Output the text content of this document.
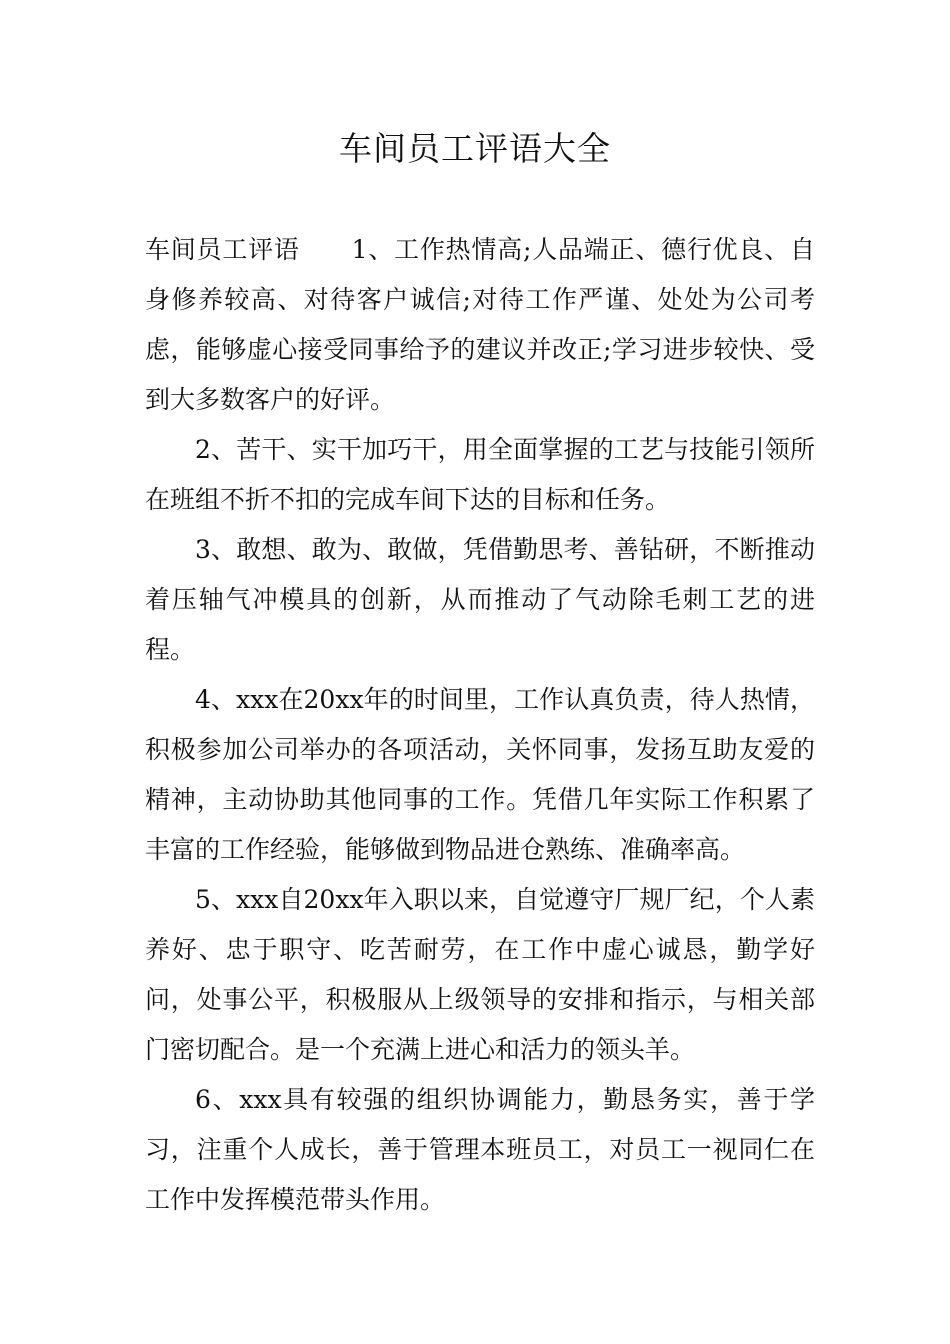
车间员工评语大全

车间员工评语 1、工作热情高;人品端正、德行优良、自身修养较高、对待客户诚信;对待工作严谨、处处为公司考虑，能够虚心接受同事给予的建议并改正;学习进步较快、受到大多数客户的好评。

2、苦干、实干加巧干，用全面掌握的工艺与技能引领所在班组不折不扣的完成车间下达的目标和任务。

3、敢想、敢为、敢做，凭借勤思考、善钻研，不断推动着压轴气冲模具的创新，从而推动了气动除毛刺工艺的进程。

4、xxx在20xx年的时间里，工作认真负责，待人热情，积极参加公司举办的各项活动，关怀同事，发扬互助友爱的精神，主动协助其他同事的工作。凭借几年实际工作积累了丰富的工作经验，能够做到物品进仓熟练、准确率高。

5、xxx自20xx年入职以来，自觉遵守厂规厂纪，个人素养好、忠于职守、吃苦耐劳，在工作中虚心诚恳，勤学好问，处事公平，积极服从上级领导的安排和指示，与相关部门密切配合。是一个充满上进心和活力的领头羊。

6、xxx具有较强的组织协调能力，勤恳务实，善于学习，注重个人成长，善于管理本班员工，对员工一视同仁在工作中发挥模范带头作用。
